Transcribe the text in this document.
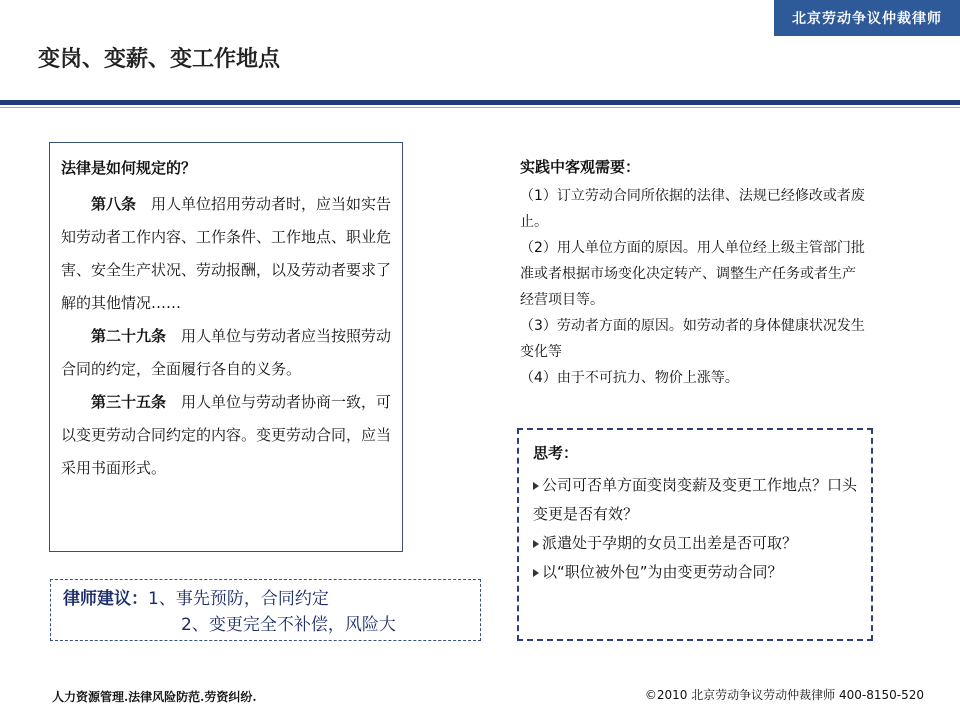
北京劳动争议仲裁律师
变岗、变薪、变工作地点
法律是如何规定的？

  第八条  用人单位招用劳动者时，应当如实告知劳动者工作内容、工作条件、工作地点、职业危害、安全生产状况、劳动报酬，以及劳动者要求了解的其他情况……

  第二十九条  用人单位与劳动者应当按照劳动合同的约定，全面履行各自的义务。

  第三十五条  用人单位与劳动者协商一致，可以变更劳动合同约定的内容。变更劳动合同，应当采用书面形式。

律师建议：1、事先预防，合同约定
2、变更完全不补偿，风险大
实践中客观需要：

（1）订立劳动合同所依据的法律、法规已经修改或者废止。

（2）用人单位方面的原因。用人单位经上级主管部门批准或者根据市场变化决定转产、调整生产任务或者生产经营项目等。

（3）劳动者方面的原因。如劳动者的身体健康状况发生变化等

（4）由于不可抗力、物价上涨等。

思考：

公司可否单方面变岗变薪及变更工作地点？口头变更是否有效？

派遣处于孕期的女员工出差是否可取？

以“职位被外包”为由变更劳动合同？

人力资源管理.法律风险防范.劳资纠纷.	©2010 北京劳动争议劳动仲裁律师 400-8150-520
